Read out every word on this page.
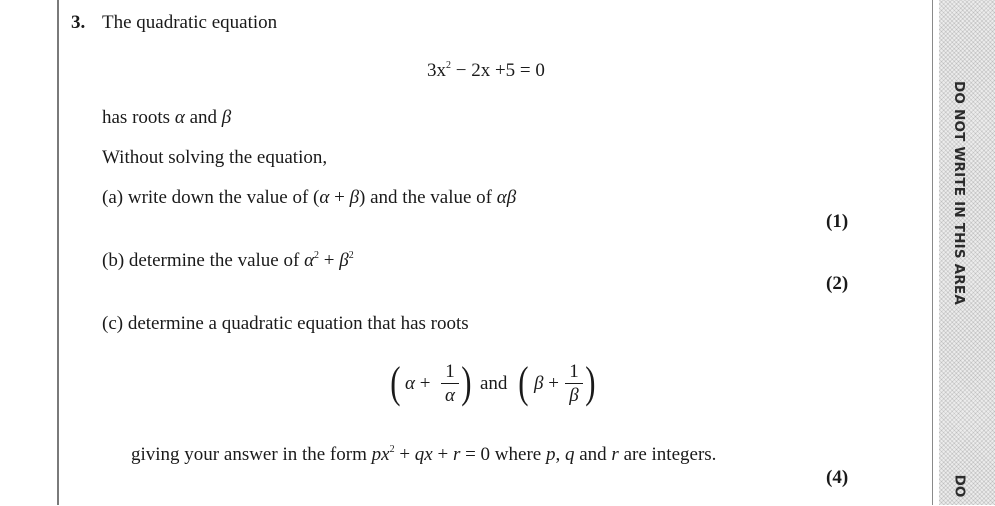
DO NOT WRITE IN THIS AREA
DO
3. The quadratic equation
$3x^2 - 2x +5 = 0$
has roots α and β
Without solving the equation,
(a) write down the value of (α + β) and the value of αβ
(1)
(b) determine the value of $\alpha^2 + \beta^2$
(2)
(c) determine a quadratic equation that has roots
( α +
1
α ) and ( β +
1
β )
giving your answer in the form $px^2$ + qx + r = 0 where p, q and r are integers.
(4)
